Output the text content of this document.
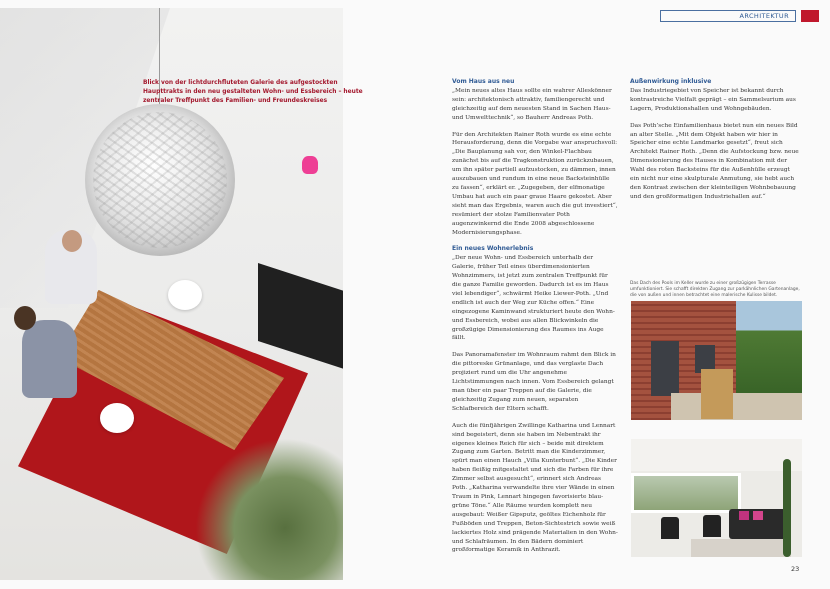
Blick von der lichtdurchfluteten Galerie des aufgestockten Haupttrakts in den neu gestalteten Wohn- und Essbereich – heute zentraler Treffpunkt des Familien- und Freundeskreises
ARCHITEKTUR
Vom Haus aus neu

„Mein neues altes Haus sollte ein wahrer Alleskönner sein: architektonisch attraktiv, familiengerecht und gleichzeitig auf dem neuesten Stand in Sachen Haus- und Umwelttechnik“, so Bauherr Andreas Poth.

Für den Architekten Rainer Roth wurde es eine echte Herausforderung, denn die Vorgabe war anspruchsvoll: „Die Bauplanung sah vor, den Winkel-Flachbau zunächst bis auf die Tragkonstruktion zurückzubauen, um ihn später partiell aufzustocken, zu dämmen, innen auszubauen und rundum in eine neue Backsteinhülle zu fassen“, erklärt er. „Zugegeben, der elfmonatige Umbau hat auch ein paar graue Haare gekostet. Aber sieht man das Ergebnis, waren auch die gut investiert“, resümiert der stolze Familienvater Poth augenzwinkernd die Ende 2008 abgeschlossene Modernisierungsphase.

Ein neues Wohnerlebnis

„Der neue Wohn- und Essbereich unterhalb der Galerie, früher Teil eines überdimensionierten Wohnzimmers, ist jetzt zum zentralen Treffpunkt für die ganze Familie geworden. Dadurch ist es im Haus viel lebendiger“, schwärmt Heike Liewer-Poth. „Und endlich ist auch der Weg zur Küche offen.“ Eine eingezogene Kaminwand strukturiert heute den Wohn- und Essbereich, wobei aus allen Blickwinkeln die großzügige Dimensionierung des Raumes ins Auge fällt.

Das Panoramafenster im Wohnraum rahmt den Blick in die pittoreske Grünanlage, und das verglaste Dach projiziert rund um die Uhr angenehme Lichtstimmungen nach innen. Vom Essbereich gelangt man über ein paar Treppen auf die Galerie, die gleichzeitig Zugang zum neuen, separaten Schlafbereich der Eltern schafft.

Auch die fünfjährigen Zwillinge Katharina und Lennart sind begeistert, denn sie haben im Nebentrakt ihr eigenes kleines Reich für sich – beide mit direktem Zugang zum Garten. Betritt man die Kinderzimmer, spürt man einen Hauch „Villa Kunterbunt“. „Die Kinder haben fleißig mitgestaltet und sich die Farben für ihre Zimmer selbst ausgesucht“, erinnert sich Andreas Poth. „Katharina verwandelte ihre vier Wände in einen Traum in Pink, Lennart hingegen favorisierte blau-grüne Töne.“ Alle Räume wurden komplett neu ausgebaut: Weißer Gipsputz, geöltes Eichenholz für Fußböden und Treppen, Beton-Sichtestrich sowie weiß lackiertes Holz sind prägende Materialien in den Wohn- und Schlafräumen. In den Bädern dominiert großformatige Keramik in Anthrazit.

Außenwirkung inklusive

Das Industriegebiet von Speicher ist bekannt durch kontrastreiche Vielfalt geprägt – ein Sammelsurium aus Lagern, Produktionshallen und Wohngebäuden.

Das Poth’sche Einfamilienhaus bietet nun ein neues Bild an alter Stelle. „Mit dem Objekt haben wir hier in Speicher eine echte Landmarke gesetzt“, freut sich Architekt Rainer Roth. „Denn die Aufstockung bzw. neue Dimensionierung des Hauses in Kombination mit der Wahl des roten Backsteins für die Außenhülle erzeugt ein nicht nur eine skulpturale Anmutung, sie hebt auch den Kontrast zwischen der kleinteiligen Wohnbebauung und den großformatigen Industriehallen auf.“

Das Dach des Pools im Keller wurde zu einer großzügigen Terrasse umfunktioniert. Sie schafft direkten Zugang zur parkähnlichen Gartenanlage, die von außen und innen betrachtet eine malerische Kulisse bildet.
23
